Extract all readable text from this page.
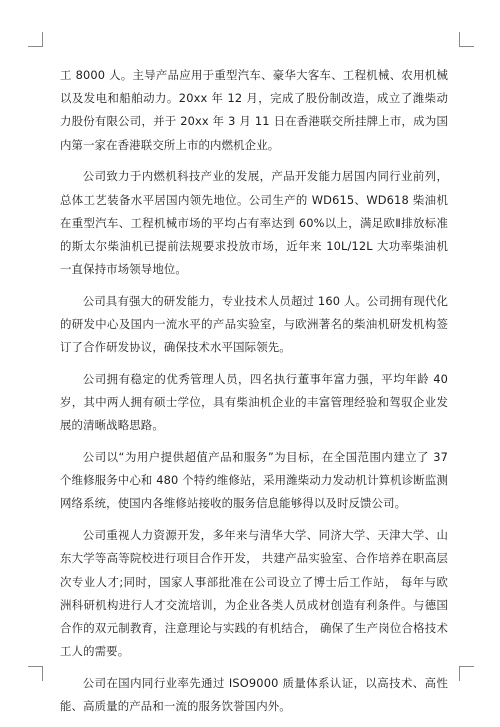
工 8000 人。主导产品应用于重型汽车、豪华大客车、工程机械、农用机械以及发电和船舶动力。20xx 年 12 月，完成了股份制改造，成立了潍柴动力股份有限公司，并于 20xx 年 3 月 11 日在香港联交所挂牌上市，成为国内第一家在香港联交所上市的内燃机企业。

公司致力于内燃机科技产业的发展，产品开发能力居国内同行业前列，总体工艺装备水平居国内领先地位。公司生产的 WD615、WD618 柴油机在重型汽车、工程机械市场的平均占有率达到 60%以上，满足欧Ⅱ排放标准的斯太尔柴油机已提前法规要求投放市场，近年来 10L/12L 大功率柴油机一直保持市场领导地位。

公司具有强大的研发能力，专业技术人员超过 160 人。公司拥有现代化的研发中心及国内一流水平的产品实验室，与欧洲著名的柴油机研发机构签订了合作研发协议，确保技术水平国际领先。

公司拥有稳定的优秀管理人员，四名执行董事年富力强，平均年龄 40 岁，其中两人拥有硕士学位，具有柴油机企业的丰富管理经验和驾驭企业发展的清晰战略思路。

公司以“为用户提供超值产品和服务”为目标，在全国范围内建立了 37 个维修服务中心和 480 个特约维修站，采用潍柴动力发动机计算机诊断监测网络系统，使国内各维修站接收的服务信息能够得以及时反馈公司。

公司重视人力资源开发，多年来与清华大学、同济大学、天津大学、山东大学等高等院校进行项目合作开发， 共建产品实验室、合作培养在职高层次专业人才;同时，国家人事部批准在公司设立了博士后工作站， 每年与欧洲科研机构进行人才交流培训，为企业各类人员成材创造有利条件。与德国合作的双元制教育，注意理论与实践的有机结合， 确保了生产岗位合格技术工人的需要。

公司在国内同行业率先通过 ISO9000 质量体系认证，以高技术、高性能、高质量的产品和一流的服务饮誉国内外。
